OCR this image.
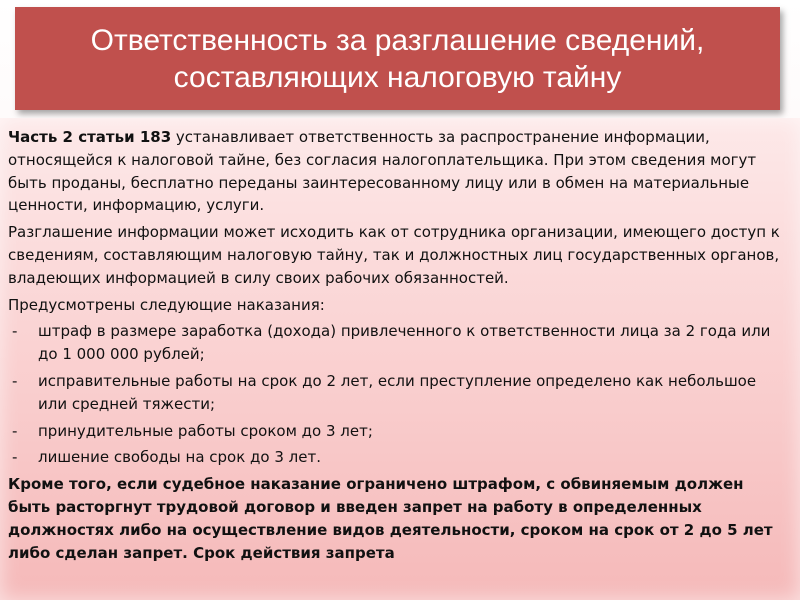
Ответственность за разглашение сведений,
составляющих налоговую тайну

Часть 2 статьи 183 устанавливает ответственность за распространение информации, относящейся к налоговой тайне, без согласия налогоплательщика. При этом сведения могут быть проданы, бесплатно переданы заинтересованному лицу или в обмен на материальные ценности, информацию, услуги.

Разглашение информации может исходить как от сотрудника организации, имеющего доступ к сведениям, составляющим налоговую тайну, так и должностных лиц государственных органов, владеющих информацией в силу своих рабочих обязанностей.

Предусмотрены следующие наказания:

- штраф в размере заработка (дохода) привлеченного к ответственности лица за 2 года или до 1 000 000 рублей;
- исправительные работы на срок до 2 лет, если преступление определено как небольшое или средней тяжести;
- принудительные работы сроком до 3 лет;
- лишение свободы на срок до 3 лет.

Кроме того, если судебное наказание ограничено штрафом, с обвиняемым должен быть расторгнут трудовой договор и введен запрет на работу в определенных должностях либо на осуществление видов деятельности, сроком на срок от 2 до 5 лет либо сделан запрет. Срок действия запрета
